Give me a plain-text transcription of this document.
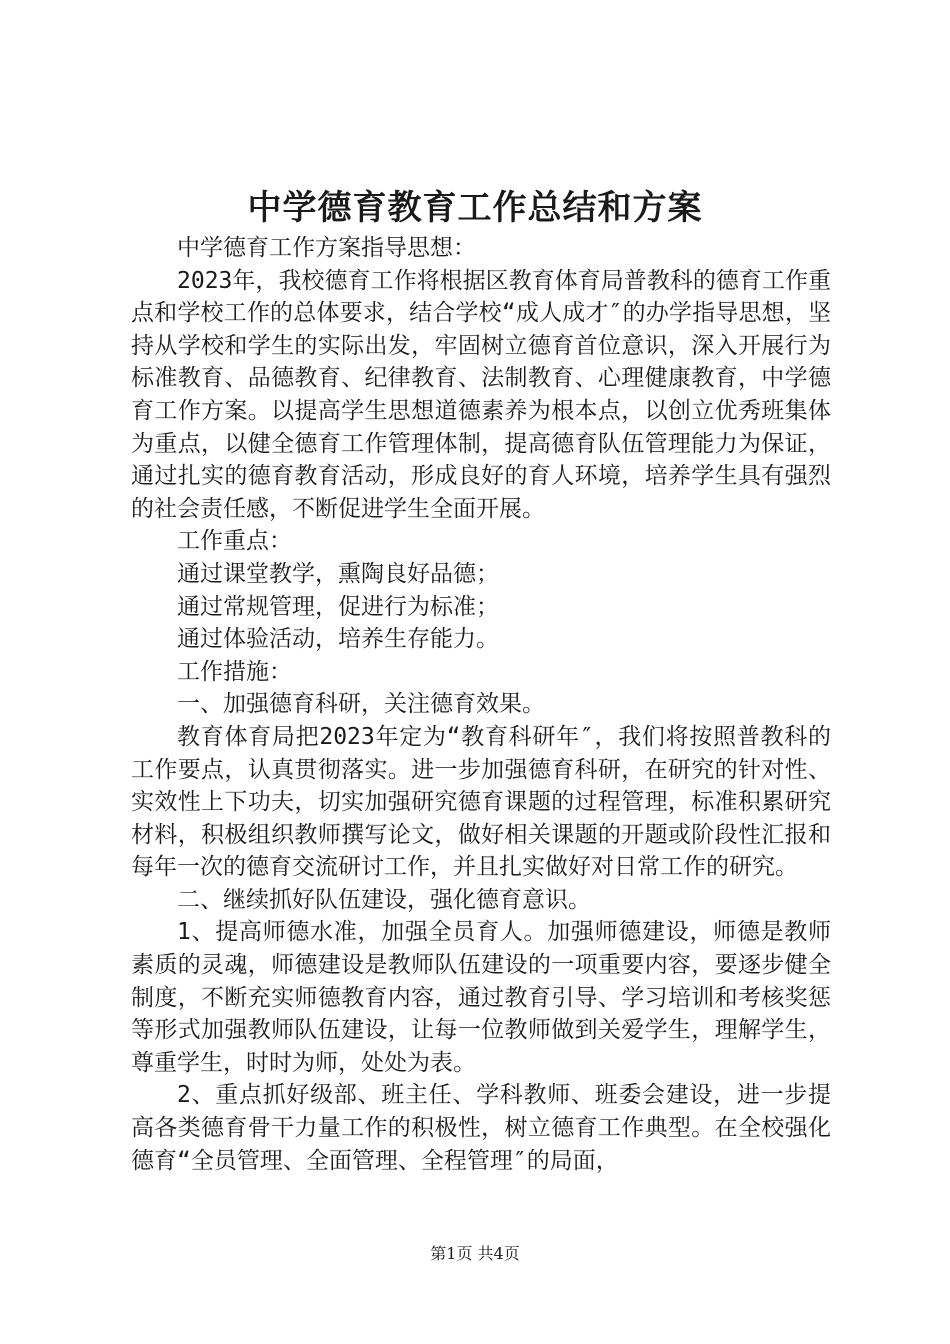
中学德育教育工作总结和方案

中学德育工作方案指导思想：

2023年，我校德育工作将根据区教育体育局普教科的德育工作重点和学校工作的总体要求，结合学校“成人成才″的办学指导思想，坚持从学校和学生的实际出发，牢固树立德育首位意识，深入开展行为标准教育、品德教育、纪律教育、法制教育、心理健康教育，中学德育工作方案。以提高学生思想道德素养为根本点，以创立优秀班集体为重点，以健全德育工作管理体制，提高德育队伍管理能力为保证，通过扎实的德育教育活动，形成良好的育人环境，培养学生具有强烈的社会责任感，不断促进学生全面开展。

工作重点：

通过课堂教学，熏陶良好品德；

通过常规管理，促进行为标准；

通过体验活动，培养生存能力。

工作措施：

一、加强德育科研，关注德育效果。

教育体育局把2023年定为“教育科研年″，我们将按照普教科的工作要点，认真贯彻落实。进一步加强德育科研，在研究的针对性、实效性上下功夫，切实加强研究德育课题的过程管理，标准积累研究材料，积极组织教师撰写论文，做好相关课题的开题或阶段性汇报和每年一次的德育交流研讨工作，并且扎实做好对日常工作的研究。

二、继续抓好队伍建设，强化德育意识。

1、提高师德水准，加强全员育人。加强师德建设，师德是教师素质的灵魂，师德建设是教师队伍建设的一项重要内容，要逐步健全制度，不断充实师德教育内容，通过教育引导、学习培训和考核奖惩等形式加强教师队伍建设，让每一位教师做到关爱学生，理解学生，尊重学生，时时为师，处处为表。

2、重点抓好级部、班主任、学科教师、班委会建设，进一步提高各类德育骨干力量工作的积极性，树立德育工作典型。在全校强化德育“全员管理、全面管理、全程管理″的局面，

第1页 共4页
